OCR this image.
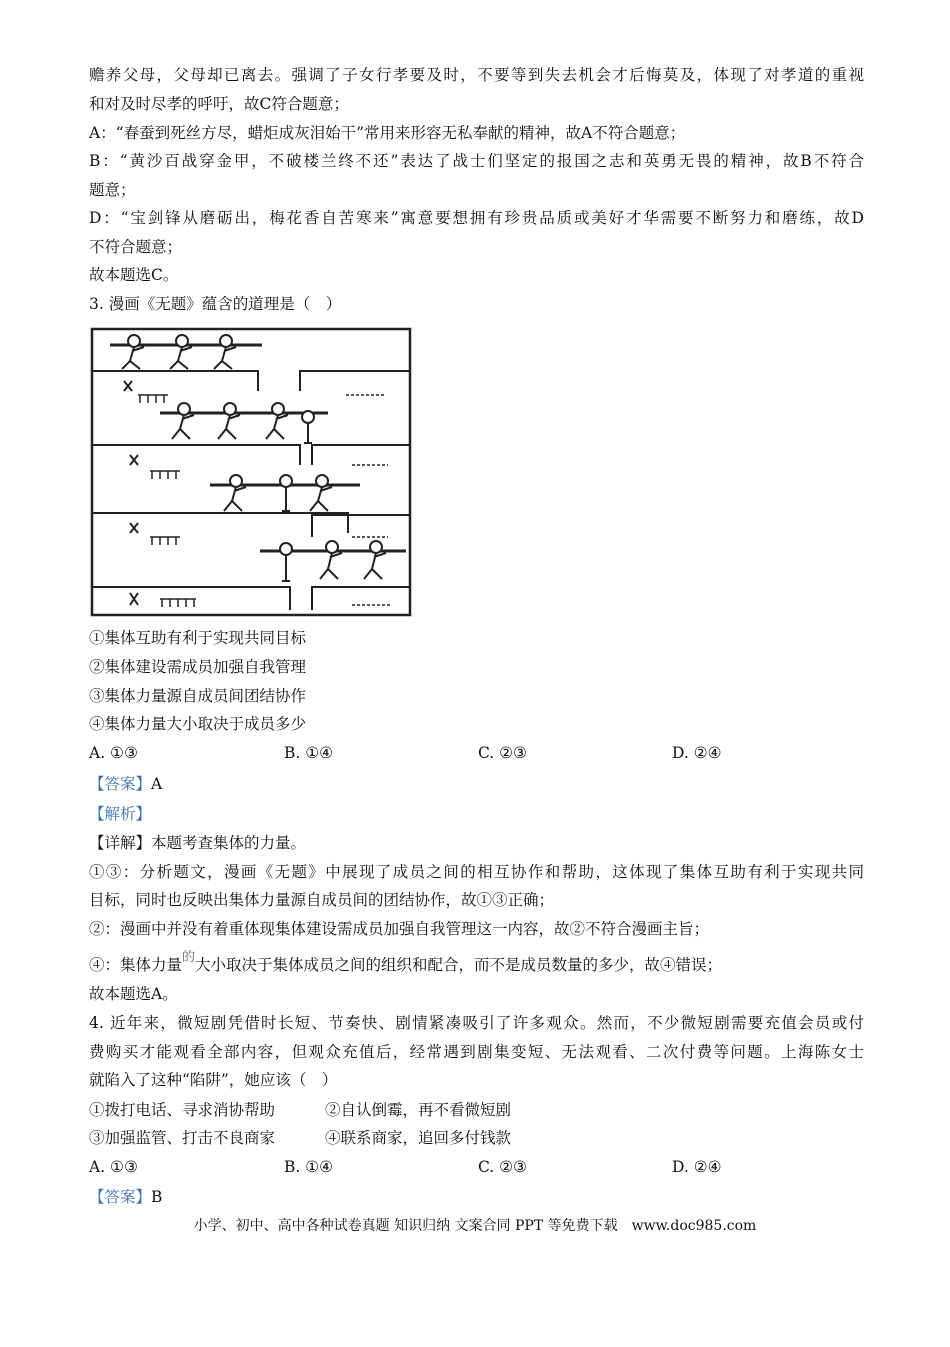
赡养父母，父母却已离去。强调了子女行孝要及时，不要等到失去机会才后悔莫及，体现了对孝道的重视
和对及时尽孝的呼吁，故C符合题意；
A：“春蚕到死丝方尽，蜡炬成灰泪始干”常用来形容无私奉献的精神，故A不符合题意；
B：“黄沙百战穿金甲，不破楼兰终不还”表达了战士们坚定的报国之志和英勇无畏的精神，故B不符合
题意；
D：“宝剑锋从磨砺出，梅花香自苦寒来”寓意要想拥有珍贵品质或美好才华需要不断努力和磨练，故D
不符合题意；
故本题选C。
3. 漫画《无题》蕴含的道理是（　）
①集体互助有利于实现共同目标
②集体建设需成员加强自我管理
③集体力量源自成员间团结协作
④集体力量大小取决于成员多少
A. ①③	B. ①④	C. ②③	D. ②④
【答案】A
【解析】
【详解】本题考查集体的力量。
①③：分析题文，漫画《无题》中展现了成员之间的相互协作和帮助，这体现了集体互助有利于实现共同
目标，同时也反映出集体力量源自成员间的团结协作，故①③正确；
②：漫画中并没有着重体现集体建设需成员加强自我管理这一内容，故②不符合漫画主旨；
④：集体力量$^的$大小取决于集体成员之间的组织和配合，而不是成员数量的多少，故④错误；
故本题选A。
4. 近年来，微短剧凭借时长短、节奏快、剧情紧凑吸引了许多观众。然而，不少微短剧需要充值会员或付
费购买才能观看全部内容，但观众充值后，经常遇到剧集变短、无法观看、二次付费等问题。上海陈女士
就陷入了这种“陷阱”，她应该（　）
①拨打电话、寻求消协帮助	②自认倒霉，再不看微短剧
③加强监管、打击不良商家	④联系商家，追回多付钱款
A. ①③	B. ①④	C. ②③	D. ②④
【答案】B
小学、初中、高中各种试卷真题 知识归纳 文案合同 PPT 等免费下载　www.doc985.com
